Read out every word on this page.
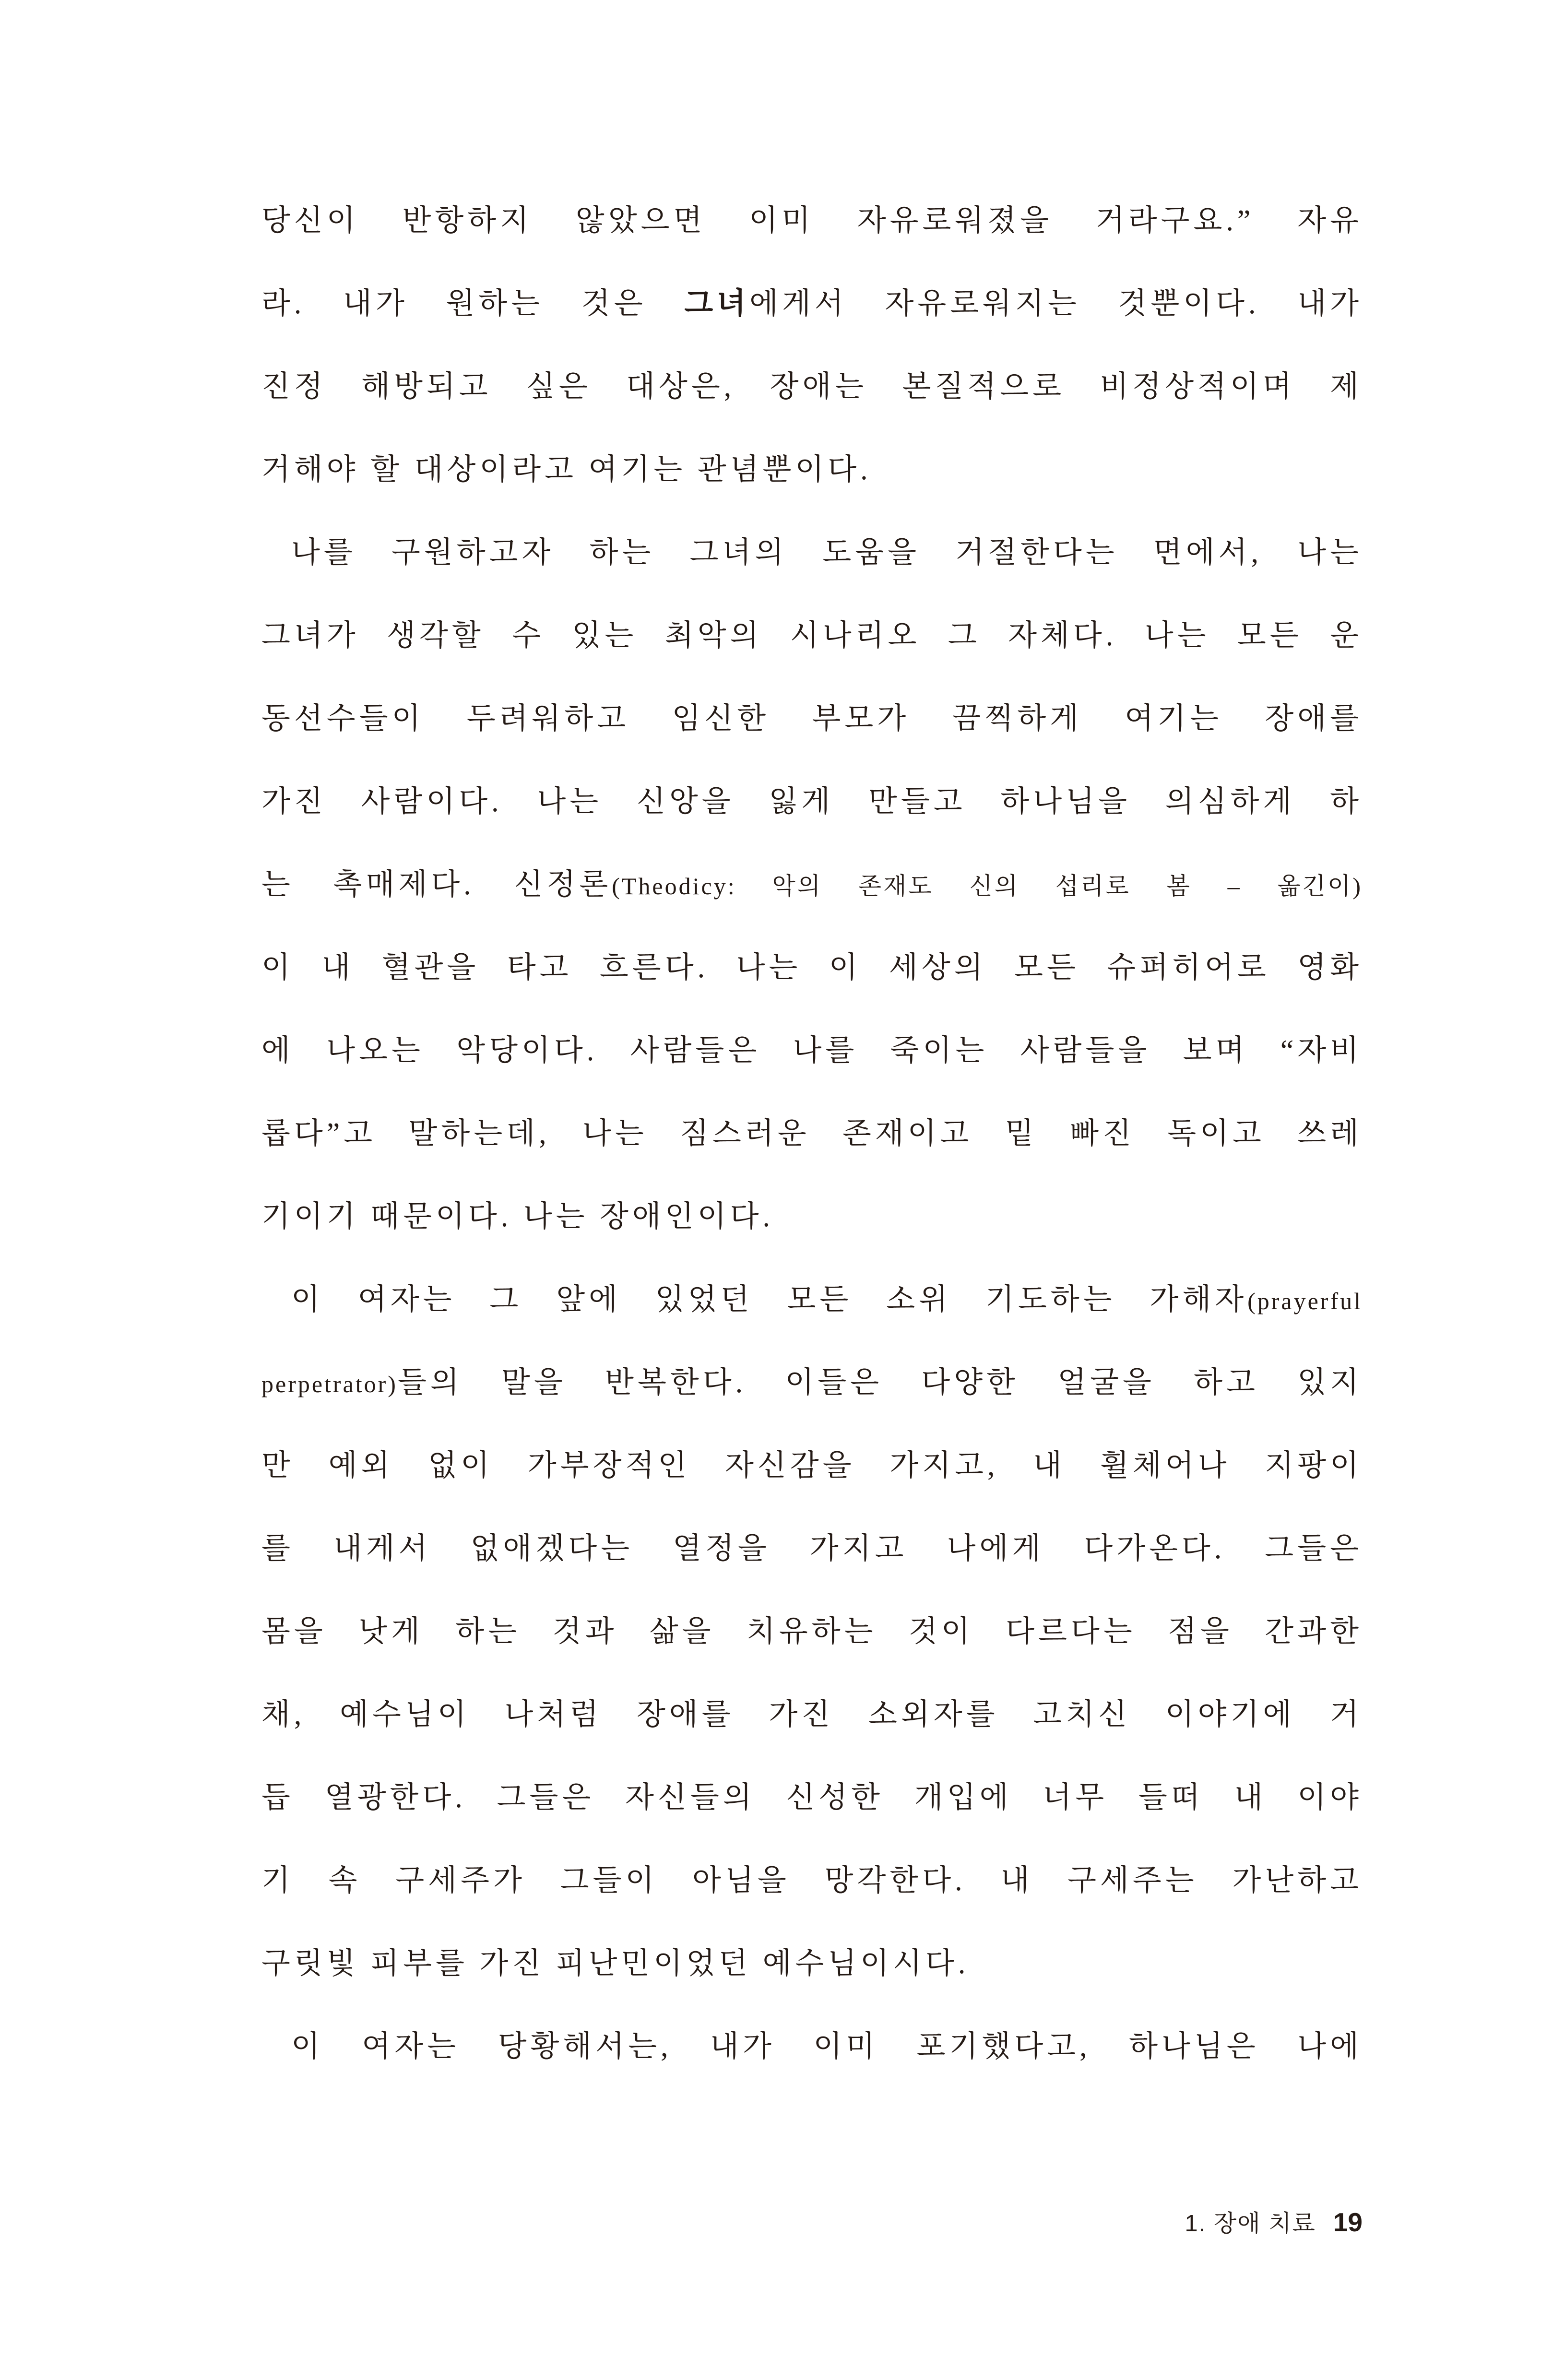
당신이 반항하지 않았으면 이미 자유로워졌을 거라구요.” 자유
라. 내가 원하는 것은 그녀에게서 자유로워지는 것뿐이다. 내가
진정 해방되고 싶은 대상은, 장애는 본질적으로 비정상적이며 제
거해야 할 대상이라고 여기는 관념뿐이다.
나를 구원하고자 하는 그녀의 도움을 거절한다는 면에서, 나는
그녀가 생각할 수 있는 최악의 시나리오 그 자체다. 나는 모든 운
동선수들이 두려워하고 임신한 부모가 끔찍하게 여기는 장애를
가진 사람이다. 나는 신앙을 잃게 만들고 하나님을 의심하게 하
는 촉매제다. 신정론(Theodicy: 악의 존재도 신의 섭리로 봄 – 옮긴이)
이 내 혈관을 타고 흐른다. 나는 이 세상의 모든 슈퍼히어로 영화
에 나오는 악당이다. 사람들은 나를 죽이는 사람들을 보며 “자비
롭다”고 말하는데, 나는 짐스러운 존재이고 밑 빠진 독이고 쓰레
기이기 때문이다. 나는 장애인이다.
이 여자는 그 앞에 있었던 모든 소위 기도하는 가해자(prayerful
perpetrator)들의 말을 반복한다. 이들은 다양한 얼굴을 하고 있지
만 예외 없이 가부장적인 자신감을 가지고, 내 휠체어나 지팡이
를 내게서 없애겠다는 열정을 가지고 나에게 다가온다. 그들은
몸을 낫게 하는 것과 삶을 치유하는 것이 다르다는 점을 간과한
채, 예수님이 나처럼 장애를 가진 소외자를 고치신 이야기에 거
듭 열광한다. 그들은 자신들의 신성한 개입에 너무 들떠 내 이야
기 속 구세주가 그들이 아님을 망각한다. 내 구세주는 가난하고
구릿빛 피부를 가진 피난민이었던 예수님이시다.
이 여자는 당황해서는, 내가 이미 포기했다고, 하나님은 나에
1. 장애 치료 19
